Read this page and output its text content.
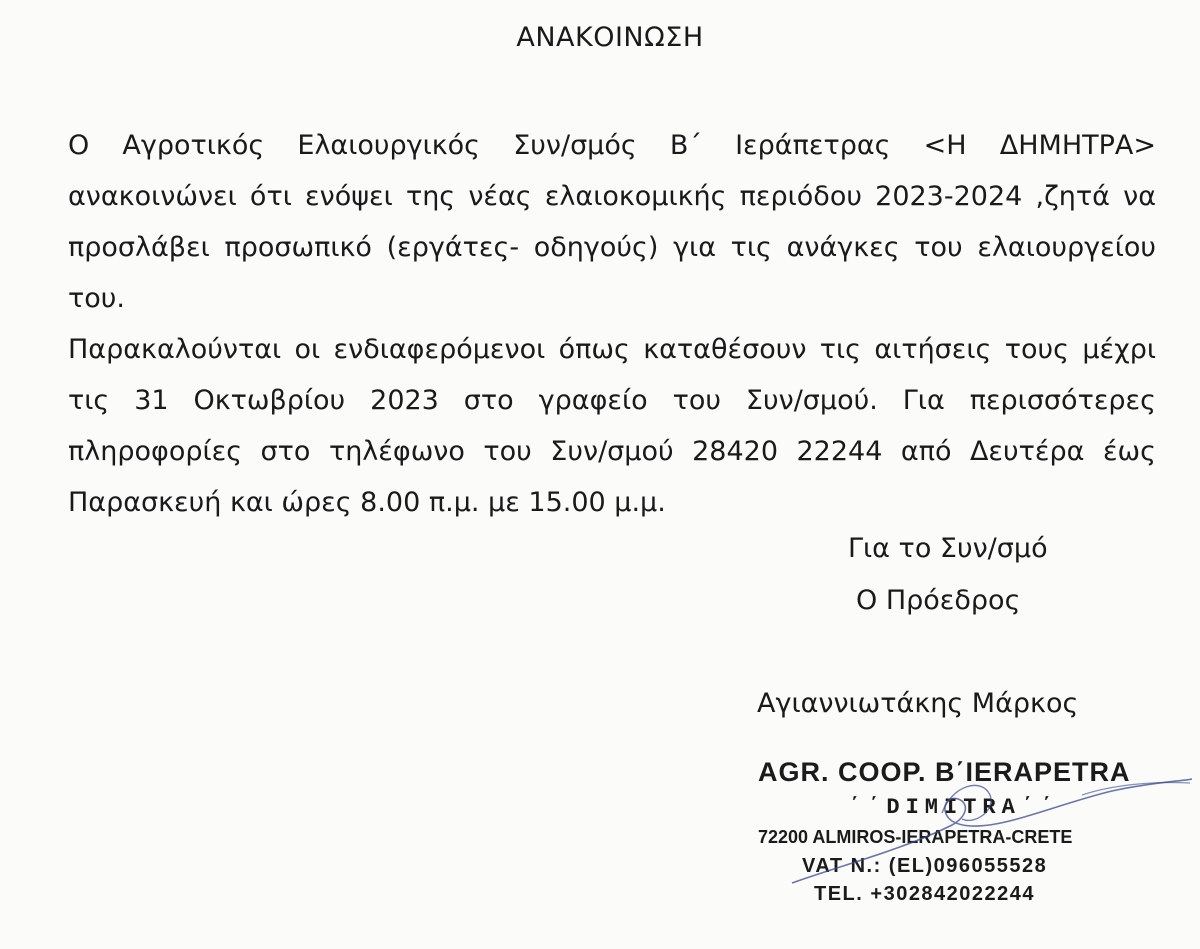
ΑΝΑΚΟΙΝΩΣΗ

Ο Αγροτικός Ελαιουργικός Συν/σμός Β΄ Ιεράπετρας <Η ΔΗΜΗΤΡΑ> ανακοινώνει ότι ενόψει της νέας ελαιοκομικής περιόδου 2023-2024 ,ζητά να προσλάβει προσωπικό (εργάτες- οδηγούς) για τις ανάγκες του ελαιουργείου του.

Παρακαλούνται οι ενδιαφερόμενοι όπως καταθέσουν τις αιτήσεις τους μέχρι τις 31 Οκτωβρίου 2023 στο γραφείο του Συν/σμού. Για περισσότερες πληροφορίες στο τηλέφωνο του Συν/σμού 28420 22244 από Δευτέρα έως Παρασκευή και ώρες 8.00 π.μ. με 15.00 μ.μ.

Για το Συν/σμό
Ο Πρόεδρος
Αγιαννιωτάκης Μάρκος
AGR. COOP. B΄IERAPETRA
΄΄DIMITRA΄΄
72200 ALMIROS-IERAPETRA-CRETE
VAT N.: (EL)096055528
TEL. +302842022244
